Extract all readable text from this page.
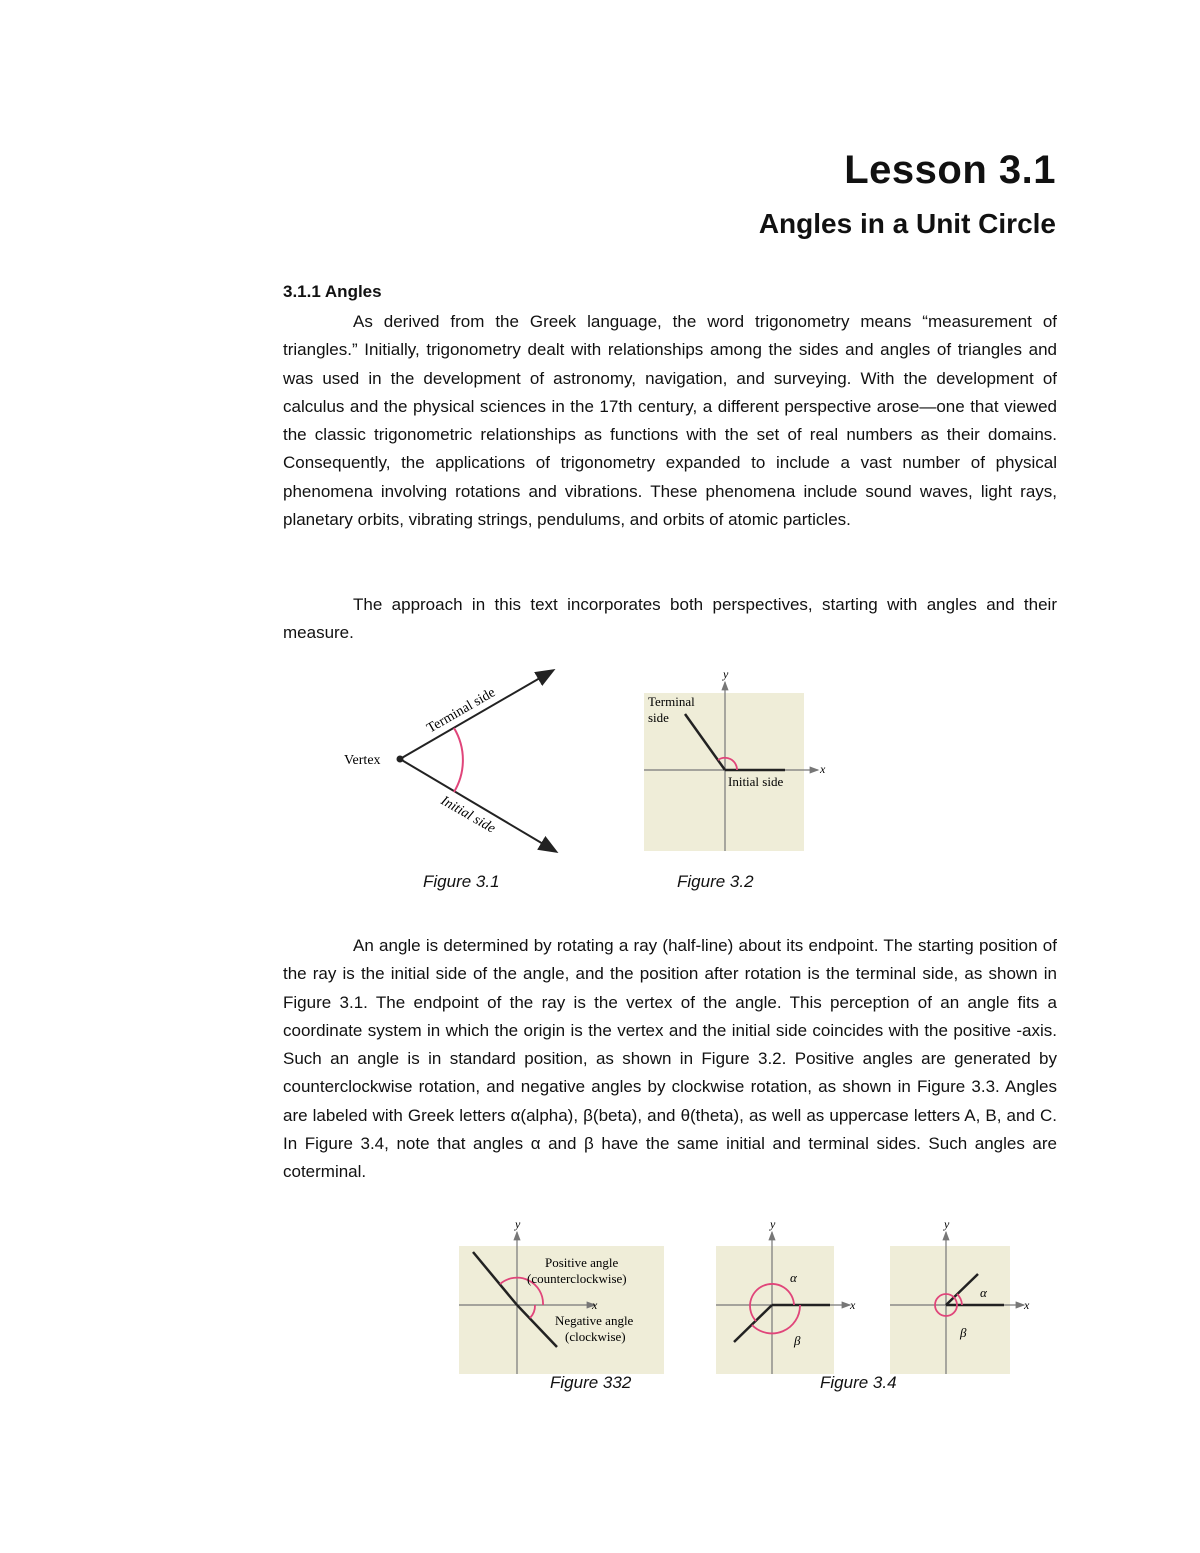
Lesson 3.1
Angles in a Unit Circle
3.1.1 Angles

As derived from the Greek language, the word trigonometry means “measurement of triangles.” Initially, trigonometry dealt with relationships among the sides and angles of triangles and was used in the development of astronomy, navigation, and surveying. With the development of calculus and the physical sciences in the 17th century, a different perspective arose—one that viewed the classic trigonometric relationships as functions with the set of real numbers as their domains. Consequently, the applications of trigonometry expanded to include a vast number of physical phenomena involving rotations and vibrations. These phenomena include sound waves, light rays, planetary orbits, vibrating strings, pendulums, and orbits of atomic particles.

The approach in this text incorporates both perspectives, starting with angles and their measure.

Vertex
Terminal side
Initial side

Figure 3.1

y
x
Terminal
side
Initial side

Figure 3.2

An angle is determined by rotating a ray (half-line) about its endpoint. The starting position of the ray is the initial side of the angle, and the position after rotation is the terminal side, as shown in Figure 3.1. The endpoint of the ray is the vertex of the angle. This perception of an angle fits a coordinate system in which the origin is the vertex and the initial side coincides with the positive -axis. Such an angle is in standard position, as shown in Figure 3.2. Positive angles are generated by counterclockwise rotation, and negative angles by clockwise rotation, as shown in Figure 3.3. Angles are labeled with Greek letters α(alpha), β(beta), and θ(theta), as well as uppercase letters A, B, and C. In Figure 3.4, note that angles α and β have the same initial and terminal sides. Such angles are coterminal.

y
x
Positive angle
(counterclockwise)
Negative angle
(clockwise)

Figure 332

y
x
α
β
y
x
α
β

Figure 3.4
